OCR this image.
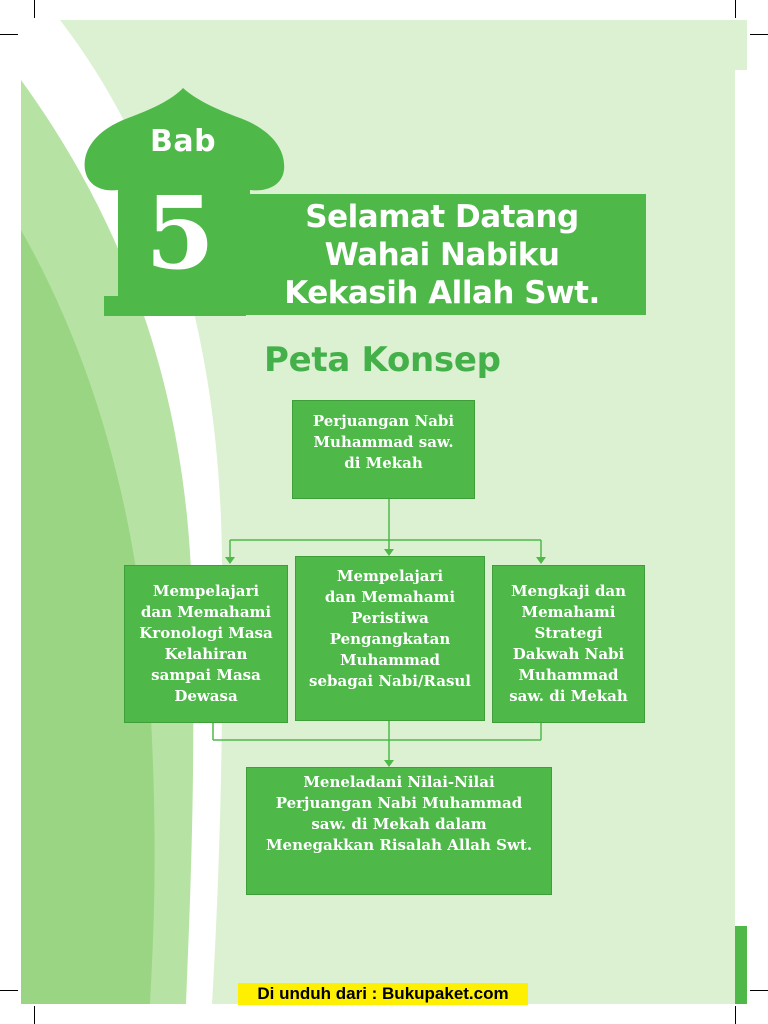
Bab
5	Selamat Datang
Wahai Nabiku
Kekasih Allah Swt.
Peta Konsep
Perjuangan Nabi
Muhammad saw.
di Mekah
Mempelajari
dan Memahami
Kronologi Masa
Kelahiran
sampai Masa
Dewasa
Mempelajari
dan Memahami
Peristiwa
Pengangkatan
Muhammad
sebagai Nabi/Rasul
Mengkaji dan
Memahami
Strategi
Dakwah Nabi
Muhammad
saw. di Mekah
Meneladani Nilai-Nilai
Perjuangan Nabi Muhammad
saw. di Mekah dalam
Menegakkan Risalah Allah Swt.
Di unduh dari : Bukupaket.com
